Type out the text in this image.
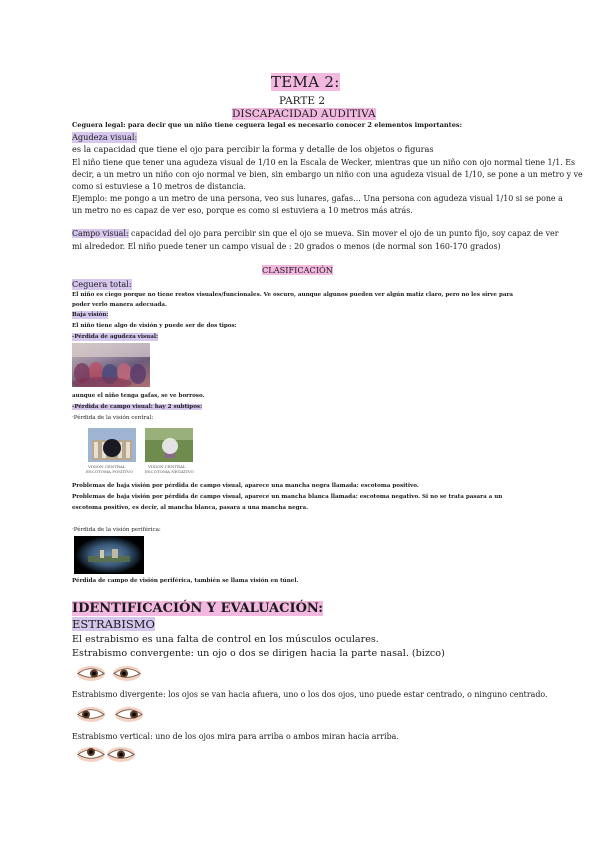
TEMA 2:
PARTE 2
DISCAPACIDAD AUDITIVA
Ceguera legal: para decir que un niño tiene ceguera legal es necesario conocer 2 elementos importantes:
Agudeza visual:
es la capacidad que tiene el ojo para percibir la forma y detalle de los objetos o figuras
El niño tiene que tener una agudeza visual de 1/10 en la Escala de Wecker, mientras que un niño con ojo normal tiene 1/1. Es
decir, a un metro un niño con ojo normal ve bien, sin embargo un niño con una agudeza visual de 1/10, se pone a un metro y ve
como si estuviese a 10 metros de distancia.
Ejemplo: me pongo a un metro de una persona, veo sus lunares, gafas… Una persona con agudeza visual 1/10 si se pone a
un metro no es capaz de ver eso, porque es como si estuviera a 10 metros más atrás.
Campo visual: capacidad del ojo para percibir sin que el ojo se mueva. Sin mover el ojo de un punto fijo, soy capaz de ver
mi alrededor. El niño puede tener un campo visual de : 20 grados o menos (de normal son 160-170 grados)
CLASIFICACIÓN
Ceguera total:
El niño es ciego porque no tiene restos visuales/funcionales. Ve oscuro, aunque algunos pueden ver algún matiz claro, pero no les sirve para
poder verlo manera adecuada.
Baja visión:
El niño tiene algo de visión y puede ser de dos tipos:
-Pérdida de agudeza visual:
aunque el niño tenga gafas, se ve borroso.
-Pérdida de campo visual: hay 2 subtipos:
·Pérdida de la visión central:
VISION CENTRAL
ESCOTOMA POSITIVO
VISION CENTRAL
ESCOTOMA NEGATIVO
Problemas de baja visión por pérdida de campo visual, aparece una mancha negra llamada: escotoma positivo.
Problemas de baja visión por pérdida de campo visual, aparece un mancha blanca llamada: escotoma negativo. Si no se trata pasara a un
escotoma positivo, es decir, al mancha blanca, pasara a una mancha negra.
·Pérdida de la visión periférica:
Pérdida de campo de visión periférica, también se llama visión en túnel.
IDENTIFICACIÓN Y EVALUACIÓN:
ESTRABISMO
El estrabismo es una falta de control en los músculos oculares.
Estrabismo convergente: un ojo o dos se dirigen hacia la parte nasal. (bizco)
Estrabismo divergente: los ojos se van hacia afuera, uno o los dos ojos, uno puede estar centrado, o ninguno centrado.
Estrabismo vertical: uno de los ojos mira para arriba o ambos miran hacia arriba.
